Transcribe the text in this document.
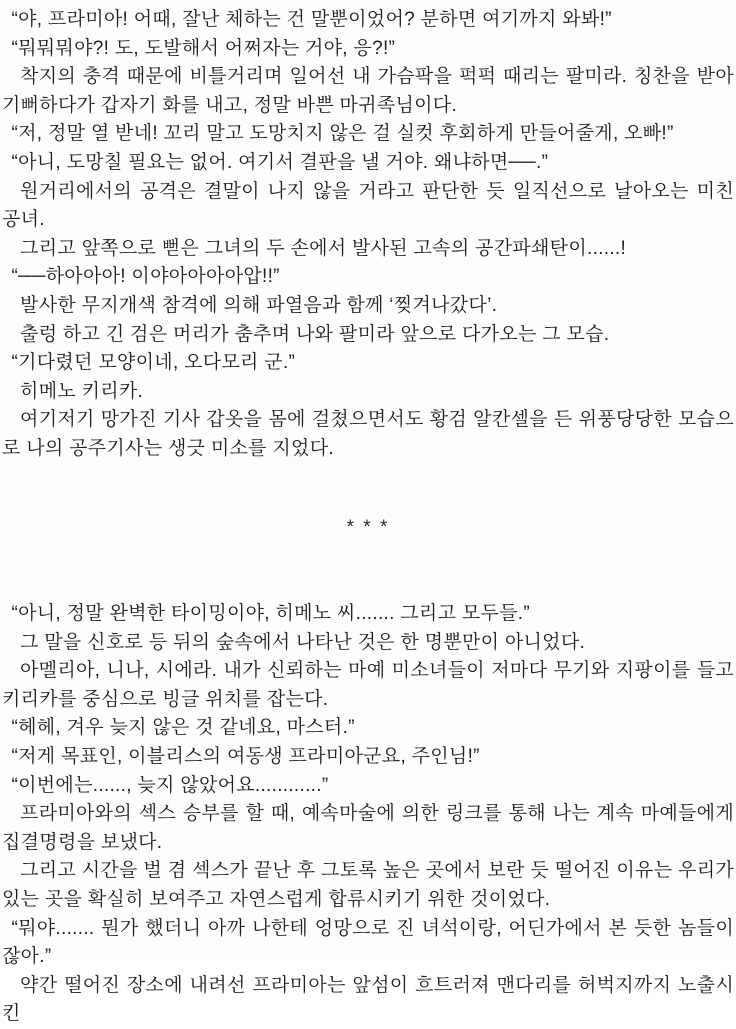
“야, 프라미아! 어때, 잘난 체하는 건 말뿐이었어? 분하면 여기까지 와봐!”

“뭐뭐뭐야?! 도, 도발해서 어쩌자는 거야, 응?!”

착지의 충격 때문에 비틀거리며 일어선 내 가슴팍을 퍽퍽 때리는 팔미라. 칭찬을 받아 기뻐하다가 갑자기 화를 내고, 정말 바쁜 마귀족님이다.

“저, 정말 열 받네! 꼬리 말고 도망치지 않은 걸 실컷 후회하게 만들어줄게, 오빠!”

“아니, 도망칠 필요는 없어. 여기서 결판을 낼 거야. 왜냐하면──.”

원거리에서의 공격은 결말이 나지 않을 거라고 판단한 듯 일직선으로 날아오는 미친 공녀.

그리고 앞쪽으로 뻗은 그녀의 두 손에서 발사된 고속의 공간파쇄탄이......!

“──하아아아! 이야아아아아압!!”

발사한 무지개색 참격에 의해 파열음과 함께 ‘찢겨나갔다’.

출렁 하고 긴 검은 머리가 춤추며 나와 팔미라 앞으로 다가오는 그 모습.

“기다렸던 모양이네, 오다모리 군.”

히메노 키리카.

여기저기 망가진 기사 갑옷을 몸에 걸쳤으면서도 황검 알칸셀을 든 위풍당당한 모습으로 나의 공주기사는 생긋 미소를 지었다.

* * *

“아니, 정말 완벽한 타이밍이야, 히메노 씨....... 그리고 모두들.”

그 말을 신호로 등 뒤의 숲속에서 나타난 것은 한 명뿐만이 아니었다.

아멜리아, 니나, 시에라. 내가 신뢰하는 마예 미소녀들이 저마다 무기와 지팡이를 들고 키리카를 중심으로 빙글 위치를 잡는다.

“헤헤, 겨우 늦지 않은 것 같네요, 마스터.”

“저게 목표인, 이블리스의 여동생 프라미아군요, 주인님!”

“이번에는......, 늦지 않았어요............”

프라미아와의 섹스 승부를 할 때, 예속마술에 의한 링크를 통해 나는 계속 마예들에게 집결명령을 보냈다.

그리고 시간을 벌 겸 섹스가 끝난 후 그토록 높은 곳에서 보란 듯 떨어진 이유는 우리가 있는 곳을 확실히 보여주고 자연스럽게 합류시키기 위한 것이었다.

“뭐야....... 뭔가 했더니 아까 나한테 엉망으로 진 녀석이랑, 어딘가에서 본 듯한 놈들이잖아.”

약간 떨어진 장소에 내려선 프라미아는 앞섬이 흐트러져 맨다리를 허벅지까지 노출시킨
